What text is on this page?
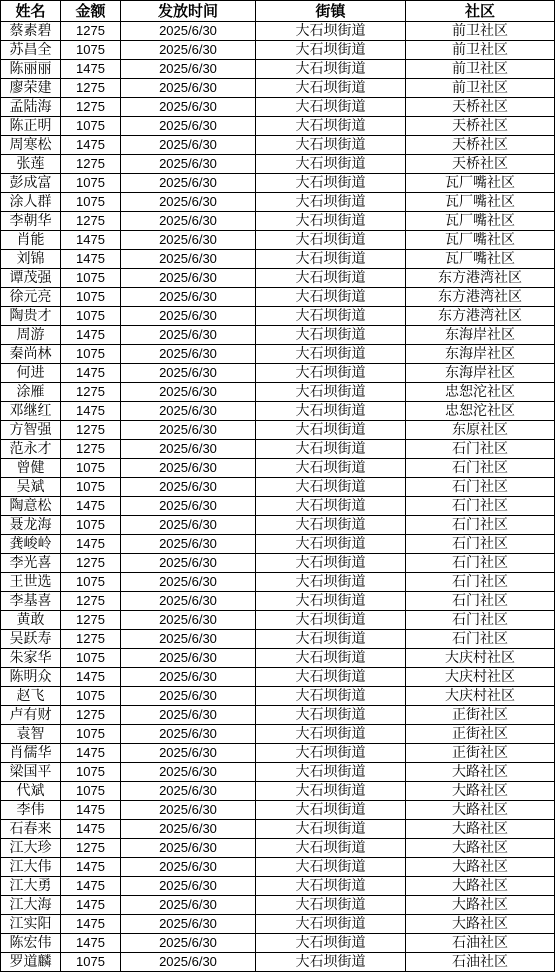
姓名	金额	发放时间	街镇	社区
蔡素碧	1275	2025/6/30	大石坝街道	前卫社区
苏昌全	1075	2025/6/30	大石坝街道	前卫社区
陈丽丽	1475	2025/6/30	大石坝街道	前卫社区
廖荣建	1275	2025/6/30	大石坝街道	前卫社区
孟陆海	1275	2025/6/30	大石坝街道	天桥社区
陈正明	1075	2025/6/30	大石坝街道	天桥社区
周寒松	1475	2025/6/30	大石坝街道	天桥社区
张莲	1275	2025/6/30	大石坝街道	天桥社区
彭成富	1075	2025/6/30	大石坝街道	瓦厂嘴社区
涂人群	1075	2025/6/30	大石坝街道	瓦厂嘴社区
李朝华	1275	2025/6/30	大石坝街道	瓦厂嘴社区
肖能	1475	2025/6/30	大石坝街道	瓦厂嘴社区
刘锦	1475	2025/6/30	大石坝街道	瓦厂嘴社区
谭茂强	1075	2025/6/30	大石坝街道	东方港湾社区
徐元亮	1075	2025/6/30	大石坝街道	东方港湾社区
陶贵才	1075	2025/6/30	大石坝街道	东方港湾社区
周游	1475	2025/6/30	大石坝街道	东海岸社区
秦尚林	1075	2025/6/30	大石坝街道	东海岸社区
何进	1475	2025/6/30	大石坝街道	东海岸社区
涂雁	1275	2025/6/30	大石坝街道	忠恕沱社区
邓继红	1475	2025/6/30	大石坝街道	忠恕沱社区
方智强	1275	2025/6/30	大石坝街道	东原社区
范永才	1275	2025/6/30	大石坝街道	石门社区
曾健	1075	2025/6/30	大石坝街道	石门社区
吴斌	1075	2025/6/30	大石坝街道	石门社区
陶意松	1475	2025/6/30	大石坝街道	石门社区
聂龙海	1075	2025/6/30	大石坝街道	石门社区
龚峻岭	1475	2025/6/30	大石坝街道	石门社区
李光喜	1275	2025/6/30	大石坝街道	石门社区
王世选	1075	2025/6/30	大石坝街道	石门社区
李基喜	1275	2025/6/30	大石坝街道	石门社区
黄敢	1275	2025/6/30	大石坝街道	石门社区
吴跃寿	1275	2025/6/30	大石坝街道	石门社区
朱家华	1075	2025/6/30	大石坝街道	大庆村社区
陈明众	1475	2025/6/30	大石坝街道	大庆村社区
赵飞	1075	2025/6/30	大石坝街道	大庆村社区
卢有财	1275	2025/6/30	大石坝街道	正街社区
袁智	1075	2025/6/30	大石坝街道	正街社区
肖儒华	1475	2025/6/30	大石坝街道	正街社区
梁国平	1075	2025/6/30	大石坝街道	大路社区
代斌	1075	2025/6/30	大石坝街道	大路社区
李伟	1475	2025/6/30	大石坝街道	大路社区
石春来	1475	2025/6/30	大石坝街道	大路社区
江大珍	1275	2025/6/30	大石坝街道	大路社区
江大伟	1475	2025/6/30	大石坝街道	大路社区
江大勇	1475	2025/6/30	大石坝街道	大路社区
江大海	1475	2025/6/30	大石坝街道	大路社区
江实阳	1475	2025/6/30	大石坝街道	大路社区
陈宏伟	1475	2025/6/30	大石坝街道	石油社区
罗道麟	1075	2025/6/30	大石坝街道	石油社区
